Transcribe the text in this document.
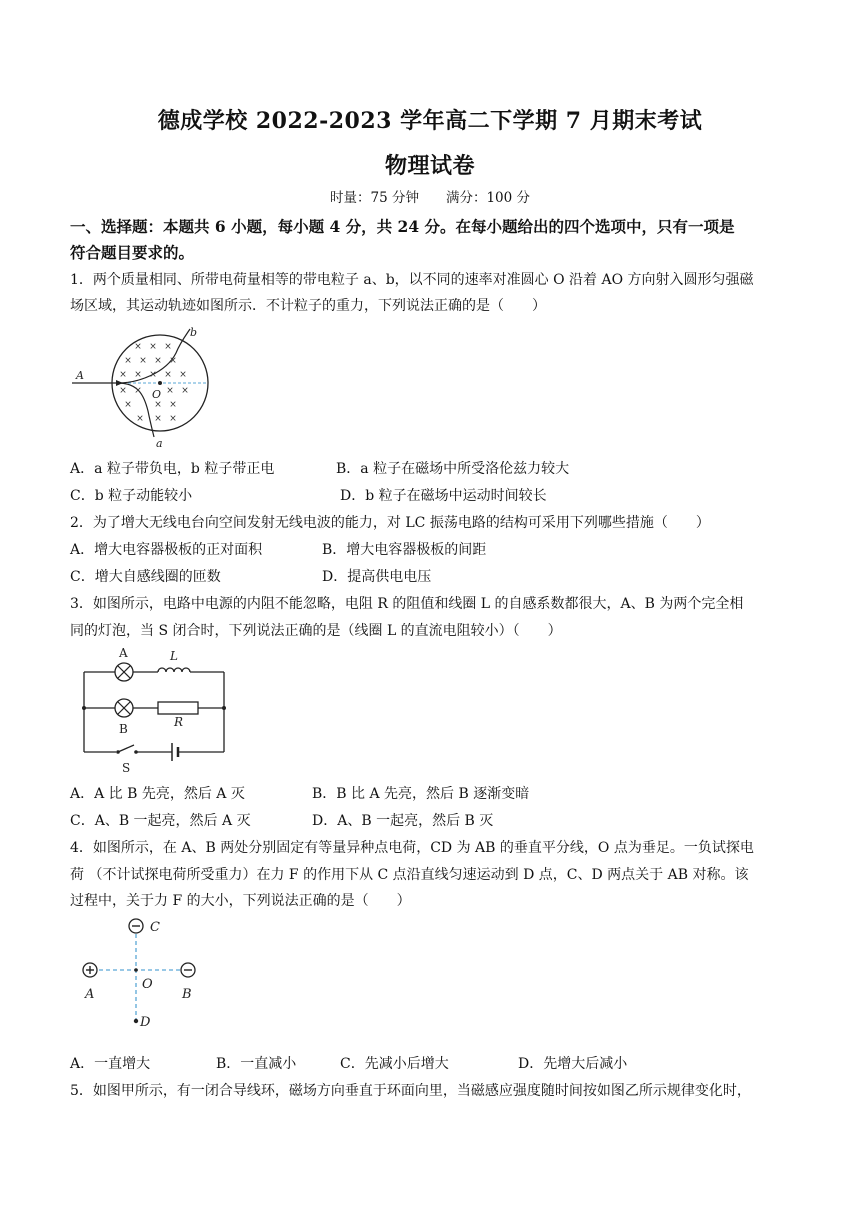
德成学校 2022-2023 学年高二下学期 7 月期末考试
物理试卷
时量：75 分钟　　满分：100 分
一、选择题：本题共 6 小题，每小题 4 分，共 24 分。在每小题给出的四个选项中，只有一项是
符合题目要求的。
1．两个质量相同、所带电荷量相等的带电粒子 a、b，以不同的速率对准圆心 O 沿着 AO 方向射入圆形匀强磁
场区域，其运动轨迹如图所示．不计粒子的重力，下列说法正确的是（　　）
× × ×
× × × ×
× × × × ×
× ×	× ×
× × ×
× × ×
A
O
b
a
A．a 粒子带负电，b 粒子带正电	B．a 粒子在磁场中所受洛伦兹力较大
C．b 粒子动能较小	D．b 粒子在磁场中运动时间较长
2．为了增大无线电台向空间发射无线电波的能力，对 LC 振荡电路的结构可采用下列哪些措施（　　）
A．增大电容器极板的正对面积	B．增大电容器极板的间距
C．增大自感线圈的匝数	D．提高供电电压
3．如图所示，电路中电源的内阻不能忽略，电阻 R 的阻值和线圈 L 的自感系数都很大，A、B 为两个完全相
同的灯泡，当 S 闭合时，下列说法正确的是（线圈 L 的直流电阻较小）（　　）
A	L
B	R
S
A．A 比 B 先亮，然后 A 灭	B．B 比 A 先亮，然后 B 逐渐变暗
C．A、B 一起亮，然后 A 灭	D．A、B 一起亮，然后 B 灭
4．如图所示，在 A、B 两处分别固定有等量异种点电荷，CD 为 AB 的垂直平分线，O 点为垂足。一负试探电
荷 （不计试探电荷所受重力）在力 F 的作用下从 C 点沿直线匀速运动到 D 点，C、D 两点关于 AB 对称。该
过程中，关于力 F 的大小，下列说法正确的是（　　）
C
A
O
B
D
A．一直增大	B．一直减小	C．先减小后增大	D．先增大后减小
5．如图甲所示，有一闭合导线环，磁场方向垂直于环面向里，当磁感应强度随时间按如图乙所示规律变化时，
